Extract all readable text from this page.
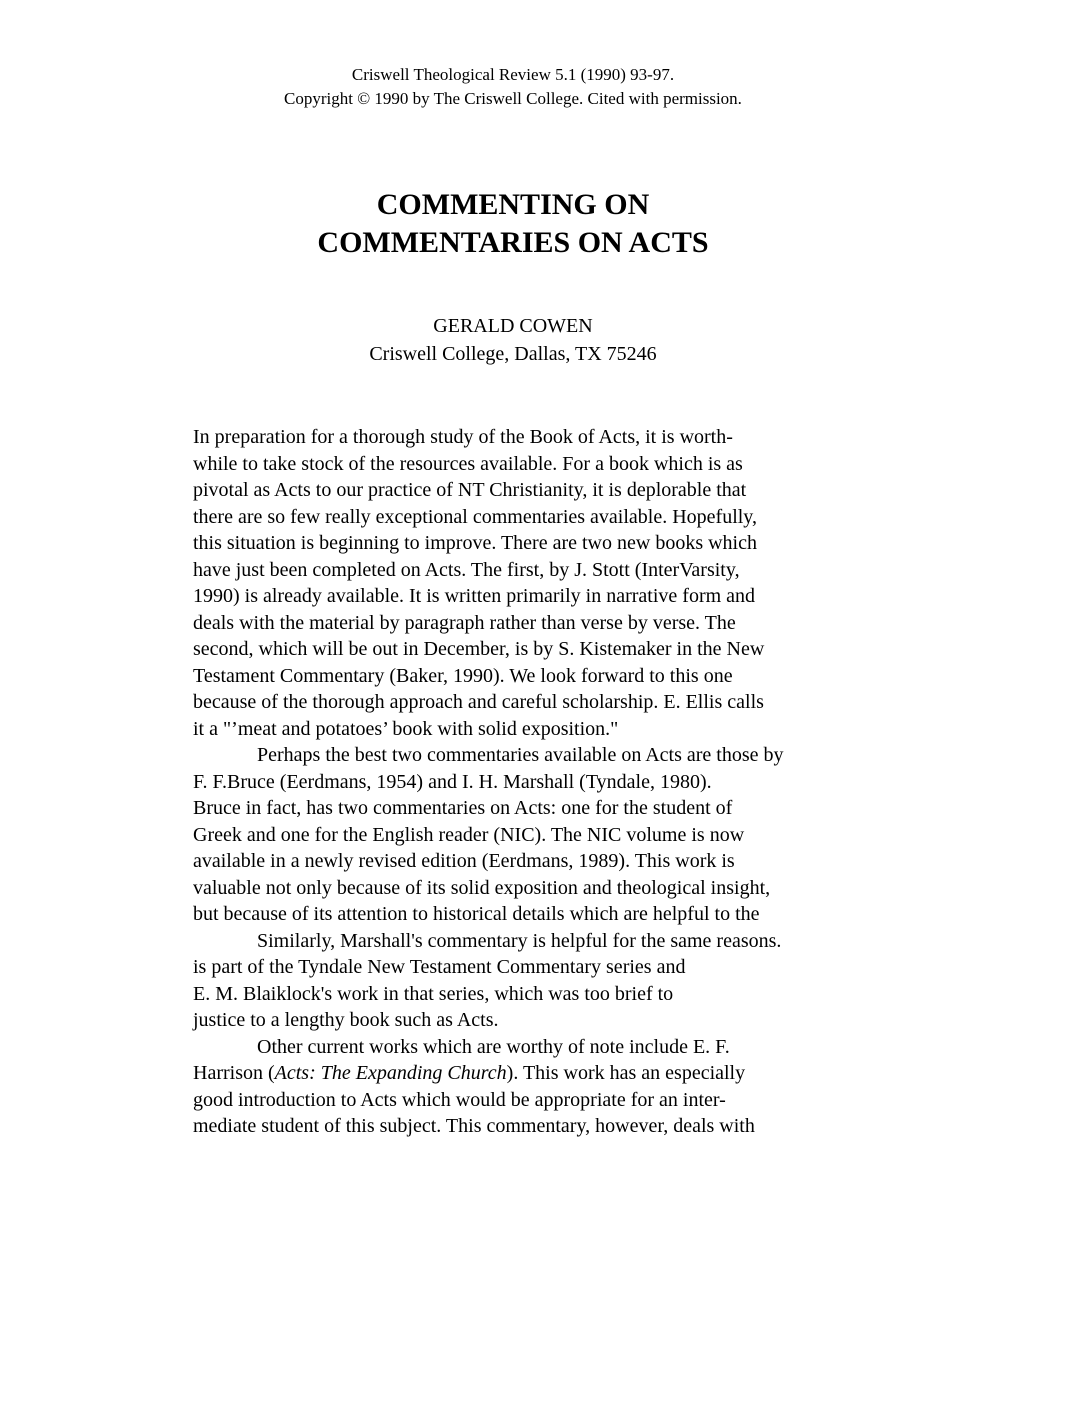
Criswell Theological Review 5.1 (1990) 93-97.
Copyright © 1990 by The Criswell College. Cited with permission.
COMMENTING ON
COMMENTARIES ON ACTS
GERALD COWEN
Criswell College, Dallas, TX 75246
In preparation for a thorough study of the Book of Acts, it is worth-
while to take stock of the resources available. For a book which is as
pivotal as Acts to our practice of NT Christianity, it is deplorable that
there are so few really exceptional commentaries available. Hopefully,
this situation is beginning to improve. There are two new books which
have just been completed on Acts. The first, by J. Stott (InterVarsity,
1990) is already available. It is written primarily in narrative form and
deals with the material by paragraph rather than verse by verse. The
second, which will be out in December, is by S. Kistemaker in the New
Testament Commentary (Baker, 1990). We look forward to this one
because of the thorough approach and careful scholarship. E. Ellis calls
it a "’meat and potatoes’ book with solid exposition."
Perhaps the best two commentaries available on Acts are those by
F. F.Bruce (Eerdmans, 1954) and I. H. Marshall (Tyndale, 1980).
Bruce in fact, has two commentaries on Acts: one for the student of
Greek and one for the English reader (NIC). The NIC volume is now
available in a newly revised edition (Eerdmans, 1989). This work is
valuable not only because of its solid exposition and theological insight,
but because of its attention to historical details which are helpful to the
Similarly, Marshall's commentary is helpful for the same reasons.
is part of the Tyndale New Testament Commentary series and
E. M. Blaiklock's work in that series, which was too brief to
justice to a lengthy book such as Acts.
Other current works which are worthy of note include E. F.
Harrison (Acts: The Expanding Church). This work has an especially
good introduction to Acts which would be appropriate for an inter-
mediate student of this subject. This commentary, however, deals with
